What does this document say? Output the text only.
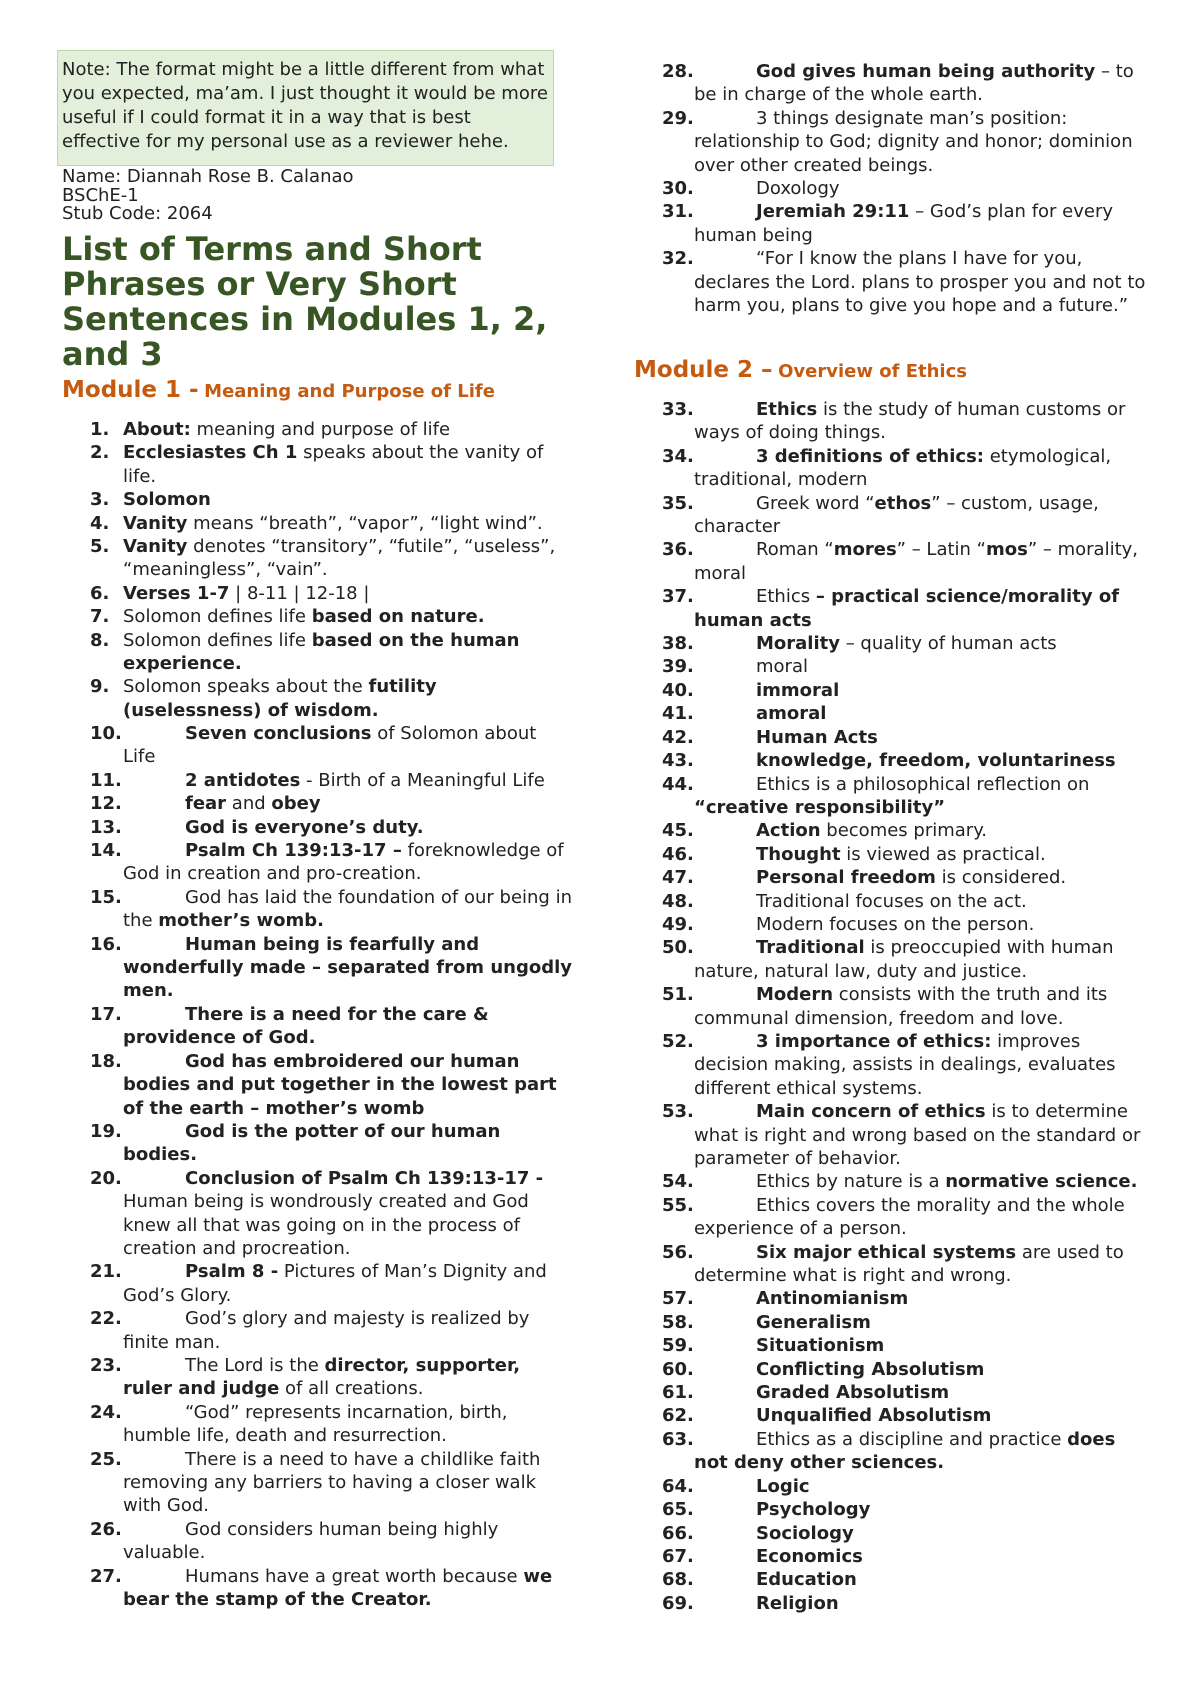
Note: The format might be a little different from what you expected, ma’am. I just thought it would be more useful if I could format it in a way that is best effective for my personal use as a reviewer hehe.
Name: Diannah Rose B. Calanao
BSChE-1
Stub Code: 2064
List of Terms and Short Phrases or Very Short Sentences in Modules 1, 2, and 3
Module 1 - Meaning and Purpose of Life
Module 2 – Overview of Ethics
1. About: meaning and purpose of life
2. Ecclesiastes Ch 1 speaks about the vanity of life.
3. Solomon
4. Vanity means “breath”, “vapor”, “light wind”.
5. Vanity denotes “transitory”, “futile”, “useless”, “meaningless”, “vain”.
6. Verses 1-7 | 8-11 | 12-18 |
7. Solomon defines life based on nature.
8. Solomon defines life based on the human experience.
9. Solomon speaks about the futility (uselessness) of wisdom.
10.	Seven conclusions of Solomon about Life
11.	2 antidotes - Birth of a Meaningful Life
12.	fear and obey
13.	God is everyone’s duty.
14.	Psalm Ch 139:13-17 – foreknowledge of God in creation and pro-creation.
15.	God has laid the foundation of our being in the mother’s womb.
16.	Human being is fearfully and wonderfully made – separated from ungodly men.
17.	There is a need for the care & providence of God.
18.	God has embroidered our human bodies and put together in the lowest part of the earth – mother’s womb
19.	God is the potter of our human bodies.
20.	Conclusion of Psalm Ch 139:13-17 - Human being is wondrously created and God knew all that was going on in the process of creation and procreation.
21.	Psalm 8 - Pictures of Man’s Dignity and God’s Glory.
22.	God’s glory and majesty is realized by finite man.
23.	The Lord is the director, supporter, ruler and judge of all creations.
24.	“God” represents incarnation, birth, humble life, death and resurrection.
25.	There is a need to have a childlike faith removing any barriers to having a closer walk with God.
26.	God considers human being highly valuable.
27.	Humans have a great worth because we bear the stamp of the Creator.
28.	God gives human being authority – to be in charge of the whole earth.
29.	3 things designate man’s position: relationship to God; dignity and honor; dominion over other created beings.
30.	Doxology
31.	Jeremiah 29:11 – God’s plan for every human being
32.	“For I know the plans I have for you, declares the Lord. plans to prosper you and not to harm you, plans to give you hope and a future.”
33.	Ethics is the study of human customs or ways of doing things.
34.	3 definitions of ethics: etymological, traditional, modern
35.	Greek word “ethos” – custom, usage, character
36.	Roman “mores” – Latin “mos” – morality, moral
37.	Ethics – practical science/morality of human acts
38.	Morality – quality of human acts
39.	moral
40.	immoral
41.	amoral
42.	Human Acts
43.	knowledge, freedom, voluntariness
44.	Ethics is a philosophical reflection on “creative responsibility”
45.	Action becomes primary.
46.	Thought is viewed as practical.
47.	Personal freedom is considered.
48.	Traditional focuses on the act.
49.	Modern focuses on the person.
50.	Traditional is preoccupied with human nature, natural law, duty and justice.
51.	Modern consists with the truth and its communal dimension, freedom and love.
52.	3 importance of ethics: improves decision making, assists in dealings, evaluates different ethical systems.
53.	Main concern of ethics is to determine what is right and wrong based on the standard or parameter of behavior.
54.	Ethics by nature is a normative science.
55.	Ethics covers the morality and the whole experience of a person.
56.	Six major ethical systems are used to determine what is right and wrong.
57.	Antinomianism
58.	Generalism
59.	Situationism
60.	Conflicting Absolutism
61.	Graded Absolutism
62.	Unqualified Absolutism
63.	Ethics as a discipline and practice does not deny other sciences.
64.	Logic
65.	Psychology
66.	Sociology
67.	Economics
68.	Education
69.	Religion
